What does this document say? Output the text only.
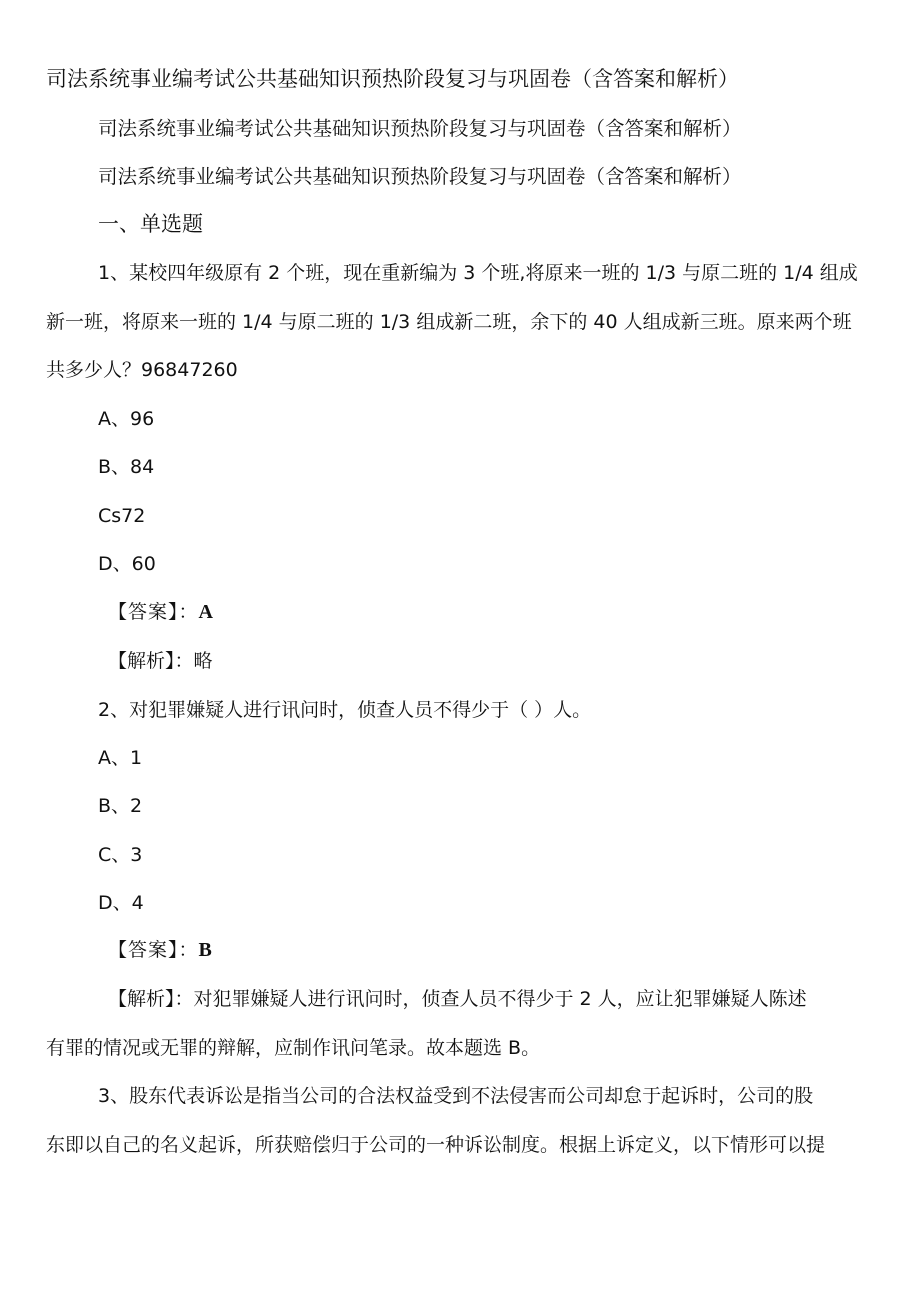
司法系统事业编考试公共基础知识预热阶段复习与巩固卷（含答案和解析）
司法系统事业编考试公共基础知识预热阶段复习与巩固卷（含答案和解析）
司法系统事业编考试公共基础知识预热阶段复习与巩固卷（含答案和解析）
一、单选题
1、某校四年级原有 2 个班，现在重新编为 3 个班,将原来一班的 1/3 与原二班的 1/4 组成
新一班，将原来一班的 1/4 与原二班的 1/3 组成新二班，余下的 40 人组成新三班。原来两个班
共多少人？96847260
A、96
B、84
Cs72
D、60
【答案】：A
【解析】：略
2、对犯罪嫌疑人进行讯问时，侦查人员不得少于（ ）人。
A、1
B、2
C、3
D、4
【答案】：B
【解析】：对犯罪嫌疑人进行讯问时，侦查人员不得少于 2 人，应让犯罪嫌疑人陈述
有罪的情况或无罪的辩解，应制作讯问笔录。故本题选 B。
3、股东代表诉讼是指当公司的合法权益受到不法侵害而公司却怠于起诉时，公司的股
东即以自己的名义起诉，所获赔偿归于公司的一种诉讼制度。根据上诉定义，以下情形可以提
